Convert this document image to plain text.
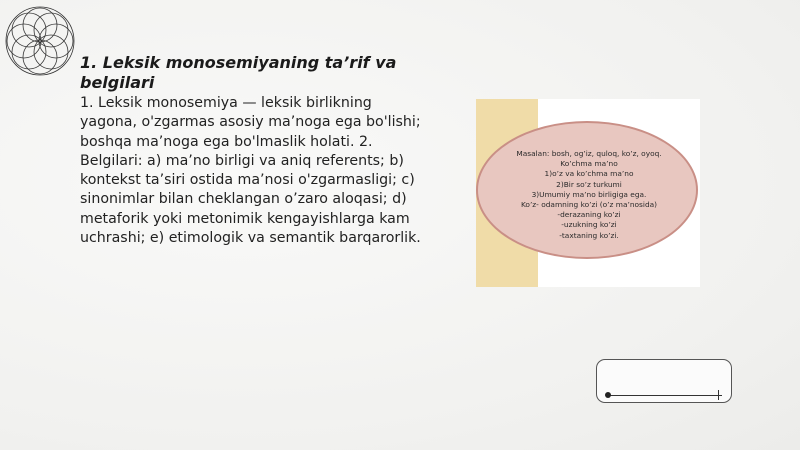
1. Leksik monosemiyaning ta’rif va belgilari
1. Leksik monosemiya — leksik birlikning yagona, o'zgarmas asosiy ma’noga ega bo'lishi; boshqa ma’noga ega bo'lmaslik holati. 2. Belgilari: a) ma’no birligi va aniq referents; b) kontekst ta’siri ostida ma’nosi o'zgarmasligi; c) sinonimlar bilan cheklangan o’zaro aloqasi; d) metaforik yoki metonimik kengayishlarga kam uchrashi; e) etimologik va semantik barqarorlik.
Masalan: bosh, og’iz, quloq, ko’z, oyoq.
Ko’chma ma’no
1)o’z va ko’chma ma’no
2)Bir so’z turkumi
3)Umumiy ma’no birligiga ega.
Ko’z- odamning ko’zi (o’z ma’nosida)
-derazaning ko’zi
-uzukning ko’zi
-taxtaning ko’zi.
